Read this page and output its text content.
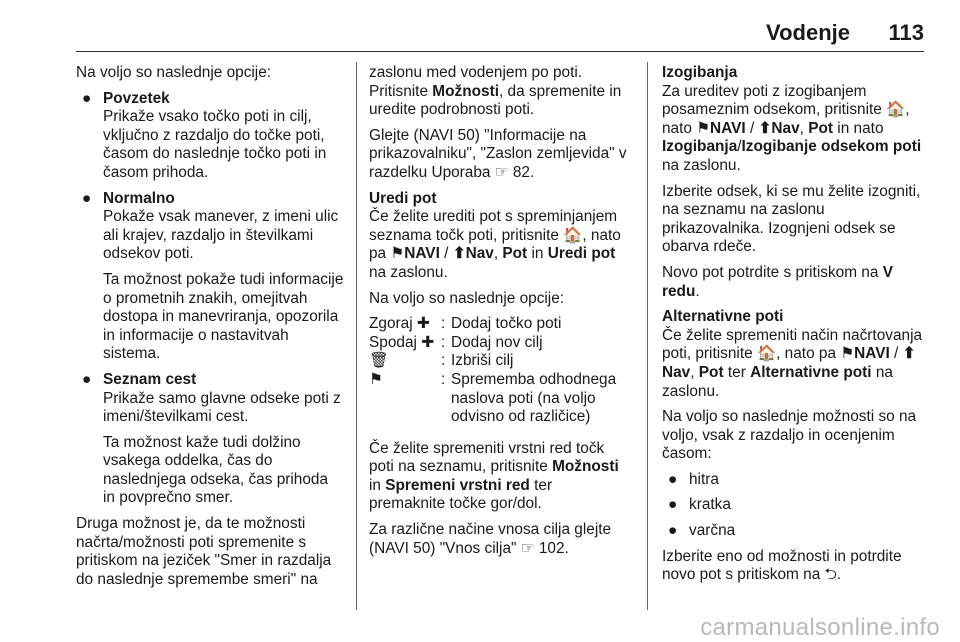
Vodenje 113

Na voljo so naslednje opcije:

● Povzetek
Prikaže vsako točko poti in cilj, vključno z razdaljo do točke poti, časom do naslednje točko poti in časom prihoda.
● Normalno

Pokaže vsak manever, z imeni ulic ali krajev, razdaljo in številkami odsekov poti.

Ta možnost pokaže tudi informacije o prometnih znakih, omejitvah dostopa in manevriranja, opozorila in informacije o nastavitvah sistema.
● Seznam cest

Prikaže samo glavne odseke poti z imeni/številkami cest.

Ta možnost kaže tudi dolžino vsakega oddelka, čas do naslednjega odseka, čas prihoda in povprečno smer.
Druga možnost je, da te možnosti načrta/možnosti poti spremenite s pritiskom na jeziček "Smer in razdalja do naslednje spremembe smeri" na

zaslonu med vodenjem po poti. Pritisnite Možnosti, da spremenite in uredite podrobnosti poti.

Glejte (NAVI 50) "Informacije na prikazovalniku", "Zaslon zemljevida" v razdelku Uporaba ☞ 82.

Uredi pot

Če želite urediti pot s spreminjanjem seznama točk poti, pritisnite 🏠, nato pa ⚑NAVI / ⬆Nav, Pot in Uredi pot na zaslonu.

Na voljo so naslednje opcije:

Zgoraj ✚ : Dodaj točko poti
Spodaj ✚ : Dodaj nov cilj
🗑	: Izbriši cilj
⚑	: Sprememba odhodnega naslova poti (na voljo odvisno od različice)

Če želite spremeniti vrstni red točk poti na seznamu, pritisnite Možnosti in Spremeni vrstni red ter premaknite točke gor/dol.

Za različne načine vnosa cilja glejte (NAVI 50) "Vnos cilja" ☞ 102.

Izogibanja

Za ureditev poti z izogibanjem posameznim odsekom, pritisnite 🏠, nato ⚑NAVI / ⬆Nav, Pot in nato Izogibanja/Izogibanje odsekom poti na zaslonu.

Izberite odsek, ki se mu želite izogniti, na seznamu na zaslonu prikazovalnika. Izognjeni odsek se obarva rdeče.

Novo pot potrdite s pritiskom na V redu.

Alternativne poti

Če želite spremeniti način načrtovanja poti, pritisnite 🏠, nato pa ⚑NAVI / ⬆Nav, Pot ter Alternativne poti na zaslonu.

Na voljo so naslednje možnosti so na voljo, vsak z razdaljo in ocenjenim časom:

● hitra
● kratka
● varčna

Izberite eno od možnosti in potrdite novo pot s pritiskom na ⮌.

carmanualsonline.info
